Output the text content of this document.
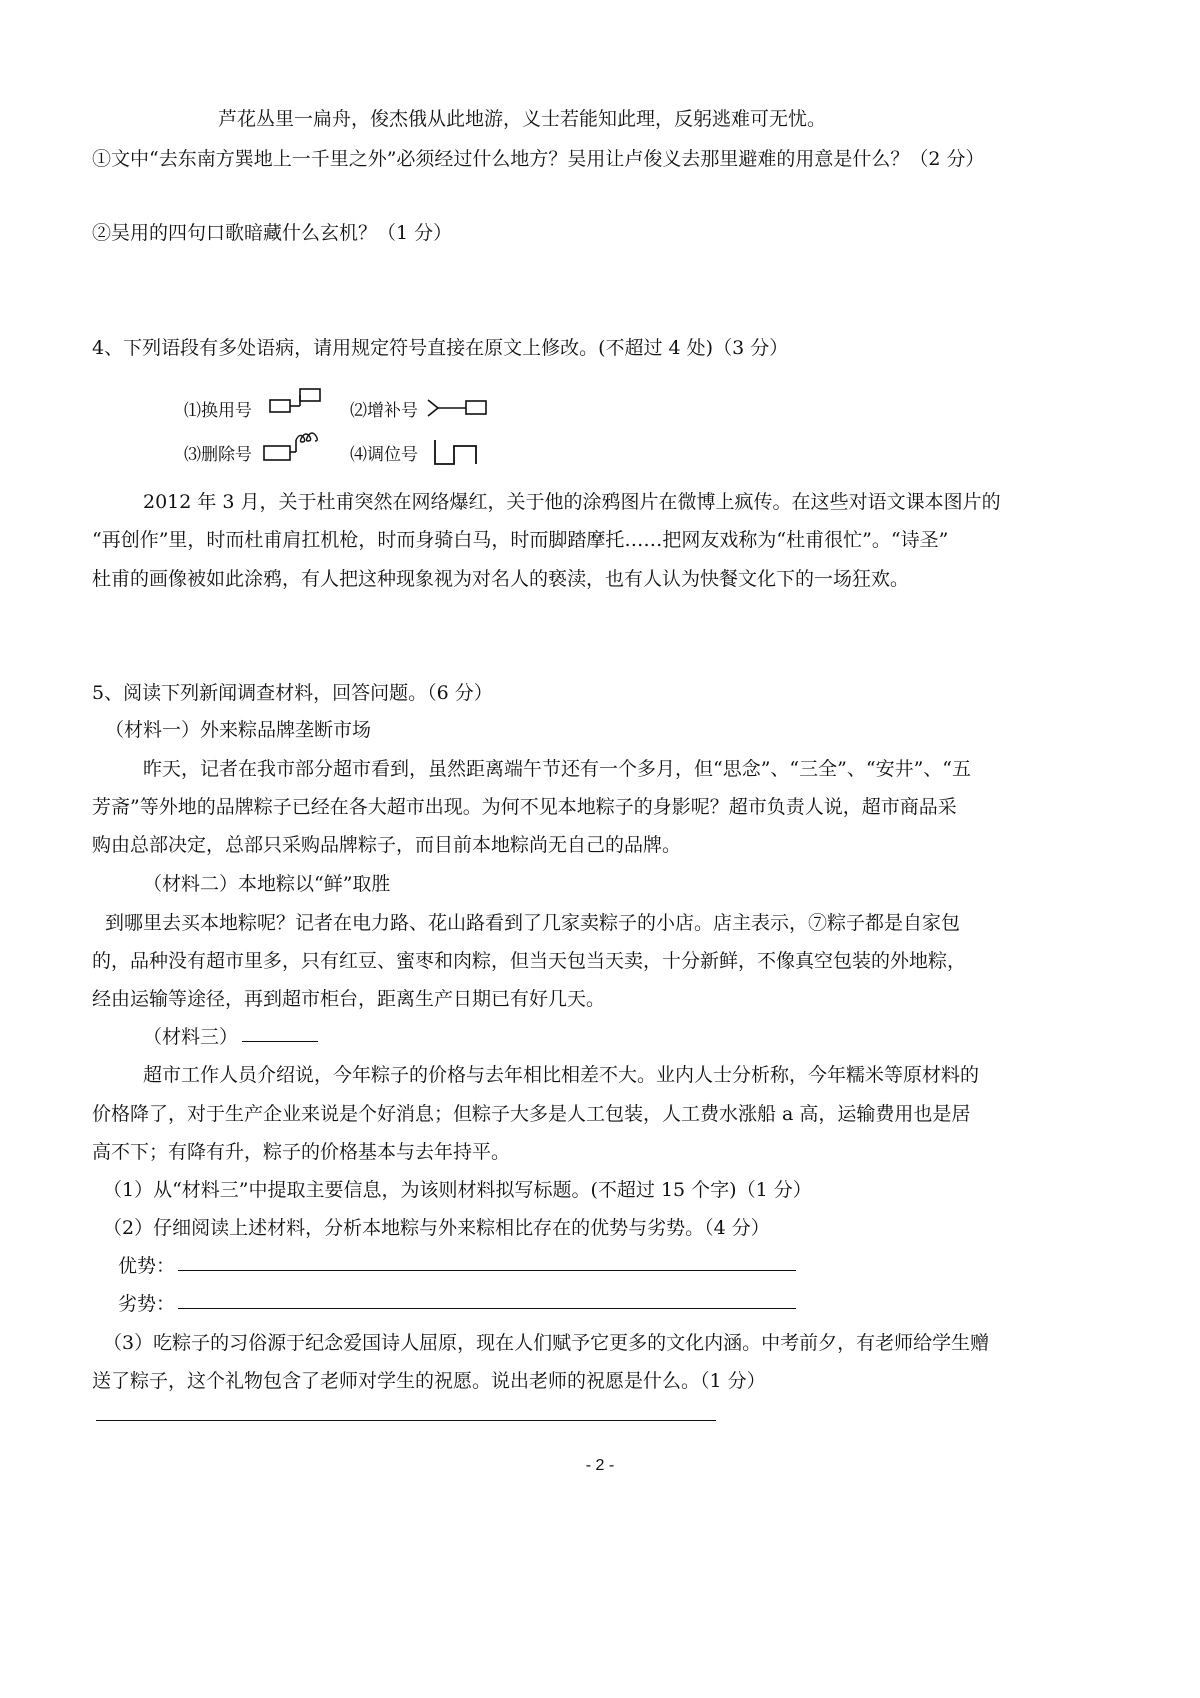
芦花丛里一扁舟，俊杰俄从此地游，义士若能知此理，反躬逃难可无忧。
①文中“去东南方巽地上一千里之外”必须经过什么地方？吴用让卢俊义去那里避难的用意是什么？（2 分）
②吴用的四句口歌暗藏什么玄机？（1 分）
4、下列语段有多处语病，请用规定符号直接在原文上修改。(不超过 4 处)（3 分）
⑴换用号	⑵增补号
⑶删除号	⑷调位号
2012 年 3 月，关于杜甫突然在网络爆红，关于他的涂鸦图片在微博上疯传。在这些对语文课本图片的
“再创作”里，时而杜甫肩扛机枪，时而身骑白马，时而脚踏摩托……把网友戏称为“杜甫很忙”。“诗圣”
杜甫的画像被如此涂鸦，有人把这种现象视为对名人的亵渎，也有人认为快餐文化下的一场狂欢。
5、阅读下列新闻调查材料，回答问题。（6 分）
（材料一）外来粽品牌垄断市场
昨天，记者在我市部分超市看到，虽然距离端午节还有一个多月，但“思念”、“三全”、“安井”、“五
芳斋”等外地的品牌粽子已经在各大超市出现。为何不见本地粽子的身影呢？超市负责人说，超市商品采
购由总部决定，总部只采购品牌粽子，而目前本地粽尚无自己的品牌。
（材料二）本地粽以“鲜”取胜
到哪里去买本地粽呢？记者在电力路、花山路看到了几家卖粽子的小店。店主表示，⑦粽子都是自家包
的，品种没有超市里多，只有红豆、蜜枣和肉粽，但当天包当天卖，十分新鲜，不像真空包装的外地粽，
经由运输等途径，再到超市柜台，距离生产日期已有好几天。
（材料三）
超市工作人员介绍说，今年粽子的价格与去年相比相差不大。业内人士分析称，今年糯米等原材料的
价格降了，对于生产企业来说是个好消息；但粽子大多是人工包装，人工费水涨船 a 高，运输费用也是居
高不下；有降有升，粽子的价格基本与去年持平。
（1）从“材料三”中提取主要信息，为该则材料拟写标题。(不超过 15 个字)（1 分）
（2）仔细阅读上述材料，分析本地粽与外来粽相比存在的优势与劣势。（4 分）
优势：
劣势：
（3）吃粽子的习俗源于纪念爱国诗人屈原，现在人们赋予它更多的文化内涵。中考前夕，有老师给学生赠
送了粽子，这个礼物包含了老师对学生的祝愿。说出老师的祝愿是什么。（1 分）
- 2 -
